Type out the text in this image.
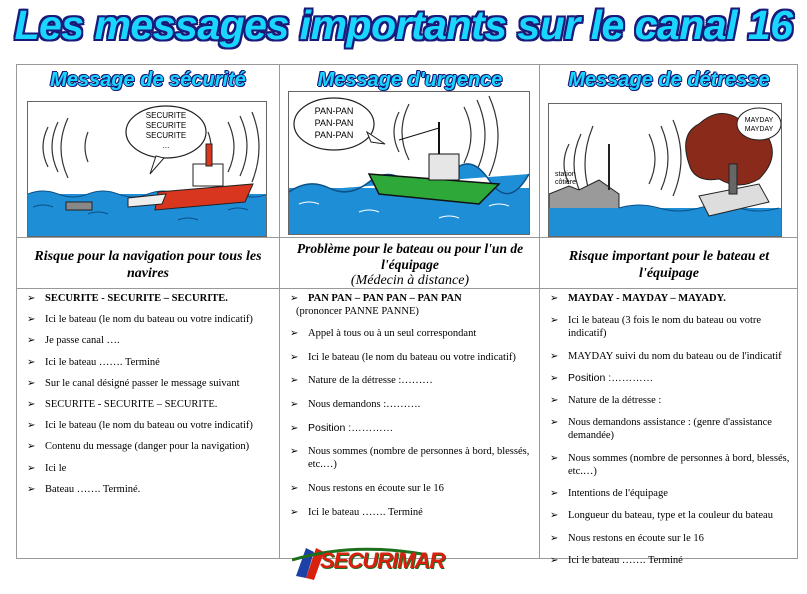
Les messages importants sur le canal 16
Message de sécurité
SECURITE
SECURITE
SECURITE
...
Risque pour la navigation pour tous les navires
➢ SECURITE - SECURITE – SECURITE.
➢ Ici le bateau (le nom du bateau ou votre indicatif)
➢ Je passe canal ….
➢ Ici le bateau ……. Terminé
➢ Sur le canal désigné passer le message suivant
➢ SECURITE - SECURITE – SECURITE.
➢ Ici le bateau (le nom du bateau ou votre indicatif)
➢ Contenu du message (danger pour la navigation)
➢ Ici le
➢ Bateau ……. Terminé.
Message d'urgence
PAN-PAN
PAN-PAN
PAN-PAN
Problème pour le bateau ou pour l'un de l'équipage
(Médecin à distance)
➢ PAN PAN – PAN PAN – PAN PAN
(prononcer PANNE PANNE)
➢ Appel à tous ou à un seul correspondant
➢ Ici le bateau (le nom du bateau ou votre indicatif)
➢ Nature de la détresse :………
➢ Nous demandons :……….
➢ Position :…………
➢ Nous sommes (nombre de personnes à bord, blessés, etc.…)
➢ Nous restons en écoute sur le 16
➢ Ici le bateau ……. Terminé
Message de détresse
MAYDAY
MAYDAY
station
côtière
Risque important pour le bateau et l'équipage
➢ MAYDAY - MAYDAY – MAYADY.
➢ Ici le bateau (3 fois le nom du bateau ou votre indicatif)
➢ MAYDAY suivi du nom du bateau ou de l'indicatif
➢ Position :…………
➢ Nature de la détresse :
➢ Nous demandons assistance : (genre d'assistance demandée)
➢ Nous sommes (nombre de personnes à bord, blessés, etc.…)
➢ Intentions de l'équipage
➢ Longueur du bateau, type et la couleur du bateau
➢ Nous restons en écoute sur le 16
➢ Ici le bateau ……. Terminé
SECURIMAR
